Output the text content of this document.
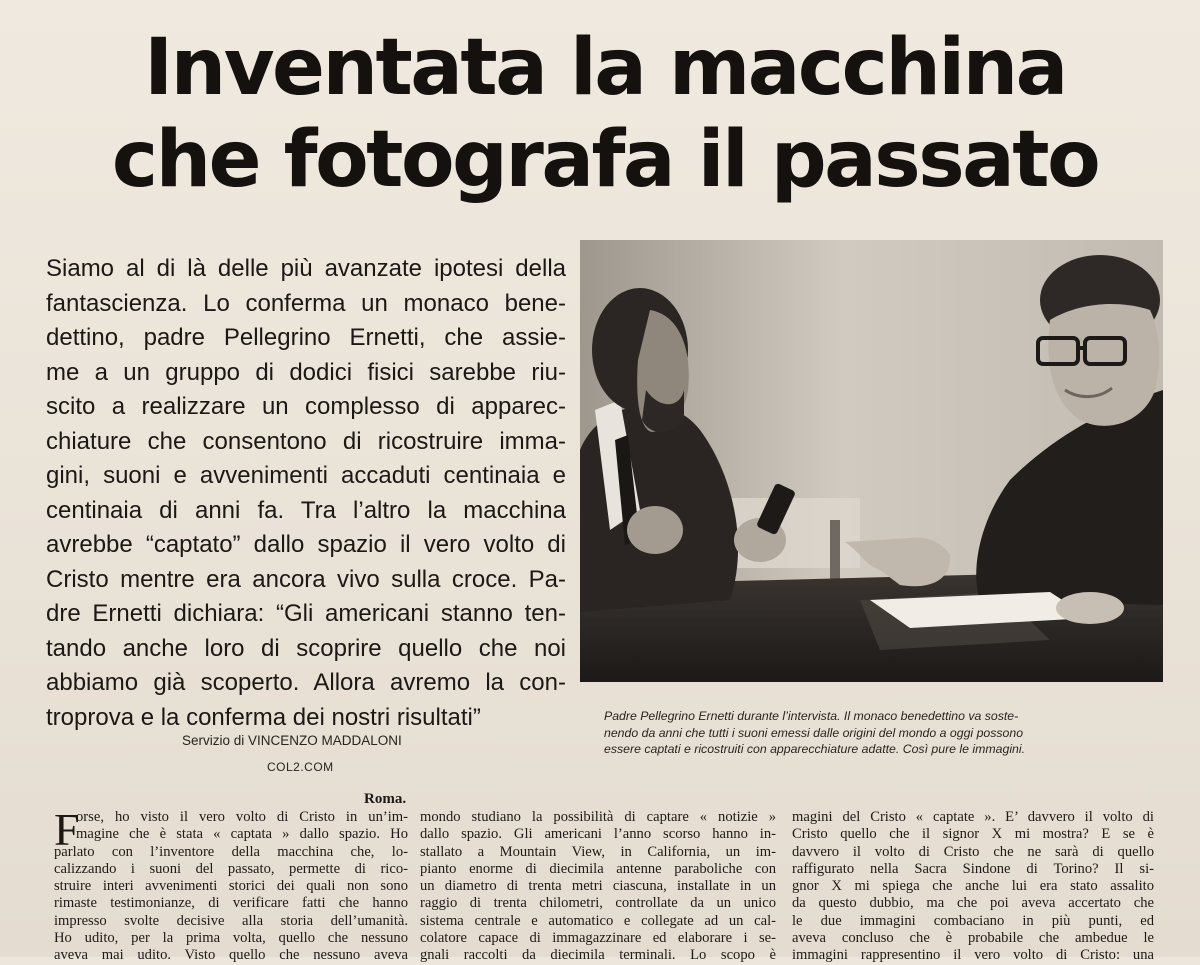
Inventata la macchina
che fotografa il passato
Siamo al di là delle più avanzate ipotesi della
fantascienza. Lo conferma un monaco bene-
dettino, padre Pellegrino Ernetti, che assie-
me a un gruppo di dodici fisici sarebbe riu-
scito a realizzare un complesso di apparec-
chiature che consentono di ricostruire imma-
gini, suoni e avvenimenti accaduti centinaia e
centinaia di anni fa. Tra l’altro la macchina
avrebbe “captato” dallo spazio il vero volto di
Cristo mentre era ancora vivo sulla croce. Pa-
dre Ernetti dichiara: “Gli americani stanno ten-
tando anche loro di scoprire quello che noi
abbiamo già scoperto. Allora avremo la con-
troprova e la conferma dei nostri risultati”	Padre Pellegrino Ernetti durante l’intervista. Il monaco benedettino va soste-
nendo da anni che tutti i suoni emessi dalle origini del mondo a oggi possono
essere captati e ricostruiti con apparecchiature adatte. Così pure le immagini.
Servizio di VINCENZO MADDALONI
COL2.COM
Roma.
F
orse, ho visto il vero volto di Cristo in un’im-
magine che è stata « captata » dallo spazio. Ho
parlato con l’inventore della macchina che, lo-
calizzando i suoni del passato, permette di rico-
struire interi avvenimenti storici dei quali non sono
rimaste testimonianze, di verificare fatti che hanno
impresso svolte decisive alla storia dell’umanità.
Ho udito, per la prima volta, quello che nessuno
aveva mai udito. Visto quello che nessuno aveva
mondo studiano la possibilità di captare « notizie »
dallo spazio. Gli americani l’anno scorso hanno in-
stallato a Mountain View, in California, un im-
pianto enorme di diecimila antenne paraboliche con
un diametro di trenta metri ciascuna, installate in un
raggio di trenta chilometri, controllate da un unico
sistema centrale e automatico e collegate ad un cal-
colatore capace di immagazzinare ed elaborare i se-
gnali raccolti da diecimila terminali. Lo scopo è
magini del Cristo « captate ». E’ davvero il volto di
Cristo quello che il signor X mi mostra? E se è
davvero il volto di Cristo che ne sarà di quello
raffigurato nella Sacra Sindone di Torino? Il si-
gnor X mi spiega che anche lui era stato assalito
da questo dubbio, ma che poi aveva accertato che
le due immagini combaciano in più punti, ed
aveva concluso che è probabile che ambedue le
immagini rappresentino il vero volto di Cristo: una
